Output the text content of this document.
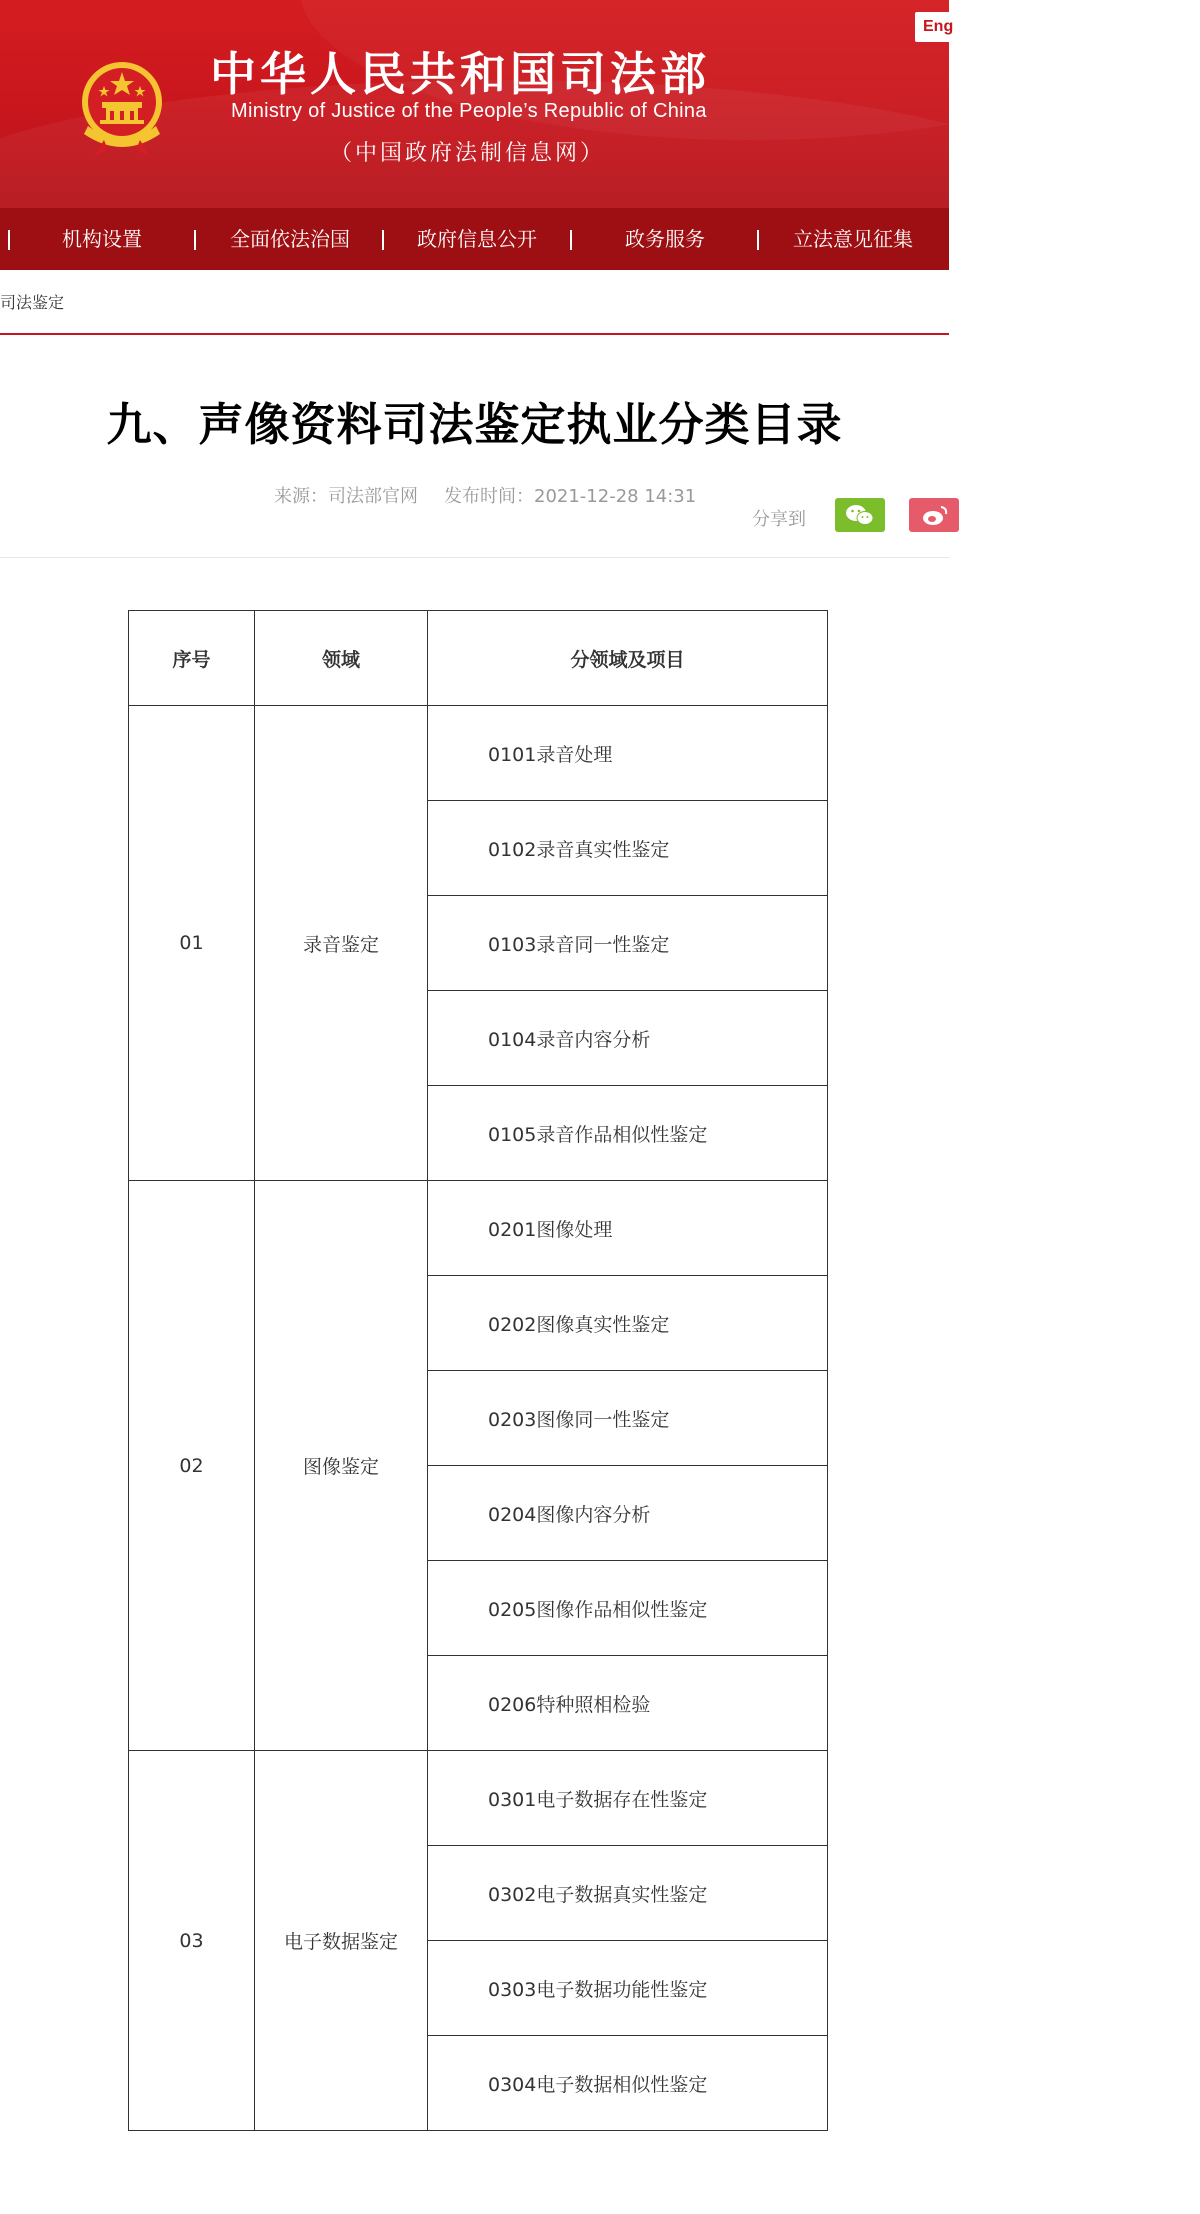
中华人民共和国司法部
Ministry of Justice of the People’s Republic of China
（中国政府法制信息网）
Eng
机构设置	全面依法治国	政府信息公开	政务服务	立法意见征集
司法鉴定
九、声像资料司法鉴定执业分类目录
来源：司法部官网 发布时间：2021-12-28 14:31
分享到
序号	领域	分领域及项目
01	录音鉴定	0101录音处理
		0102录音真实性鉴定
		0103录音同一性鉴定
		0104录音内容分析
		0105录音作品相似性鉴定
02	图像鉴定	0201图像处理
		0202图像真实性鉴定
		0203图像同一性鉴定
		0204图像内容分析
		0205图像作品相似性鉴定
		0206特种照相检验
03	电子数据鉴定	0301电子数据存在性鉴定
		0302电子数据真实性鉴定
		0303电子数据功能性鉴定
		0304电子数据相似性鉴定
